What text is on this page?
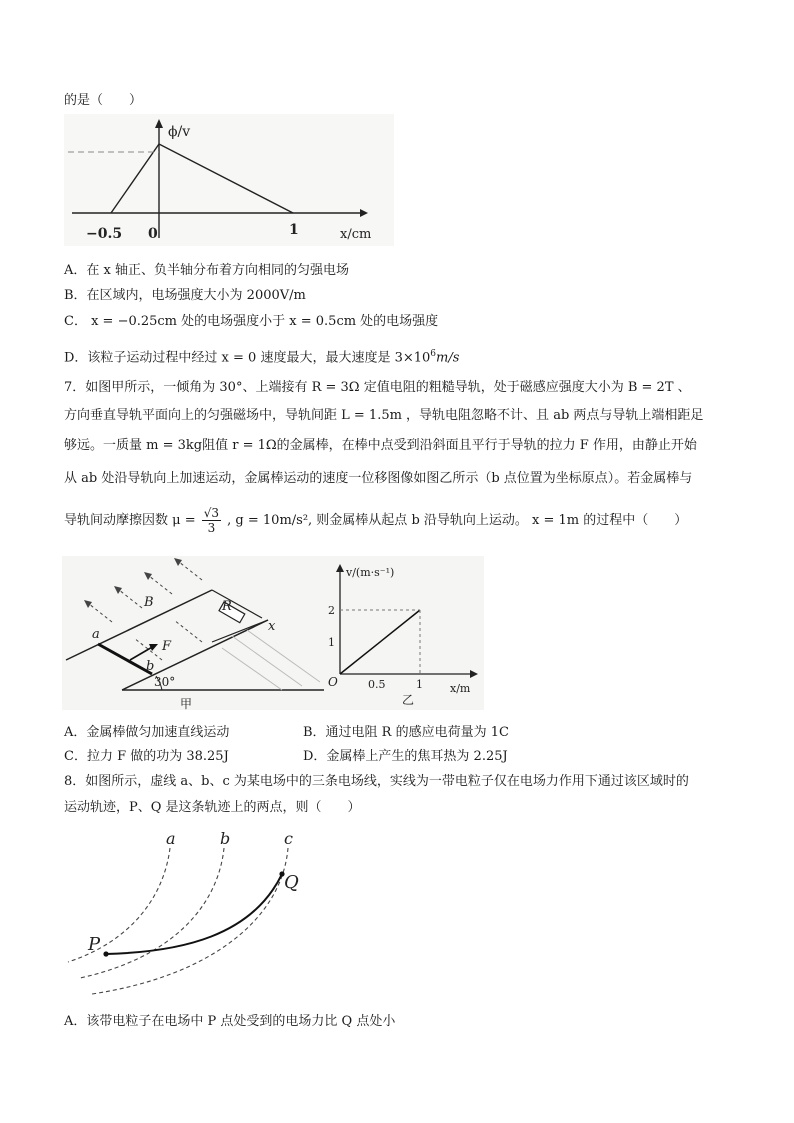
的是（　　）
ϕ/v
x/cm
−0.5 0	1
A．在 x 轴正、负半轴分布着方向相同的匀强电场
B．在区域内，电场强度大小为 2000V/m
C． x = −0.25cm 处的电场强度小于 x = 0.5cm 处的电场强度
D．该粒子运动过程中经过 x = 0 速度最大，最大速度是 $3\times 10^6m/s$
7．如图甲所示，一倾角为 30°、上端接有 R = 3Ω 定值电阻的粗糙导轨，处于磁感应强度大小为 B = 2T 、
方向垂直导轨平面向上的匀强磁场中，导轨间距 L = 1.5m ，导轨电阻忽略不计、且 ab 两点与导轨上端相距足
够远。一质量 m = 3kg阻值 r = 1Ω的金属棒，在棒中点受到沿斜面且平行于导轨的拉力 F 作用，由静止开始
从 ab 处沿导轨向上加速运动，金属棒运动的速度一位移图像如图乙所示（b 点位置为坐标原点）。若金属棒与
导轨间动摩擦因数 $\mu = \frac{√3}{3}$ , g = 10m/s², 则金属棒从起点 b 沿导轨向上运动。 x = 1m 的过程中（　　）
B	R
a
b
F
x
30°
甲
v/(m·s⁻¹)
x/m
2
1
0.5	1
O
乙
A．金属棒做匀加速直线运动	B．通过电阻 R 的感应电荷量为 1C
C．拉力 F 做的功为 38.25J	D．金属棒上产生的焦耳热为 2.25J
8．如图所示，虚线 a、b、c 为某电场中的三条电场线，实线为一带电粒子仅在电场力作用下通过该区域时的
运动轨迹，P、Q 是这条轨迹上的两点，则（　　）
a	b	c
P
Q
A．该带电粒子在电场中 P 点处受到的电场力比 Q 点处小
